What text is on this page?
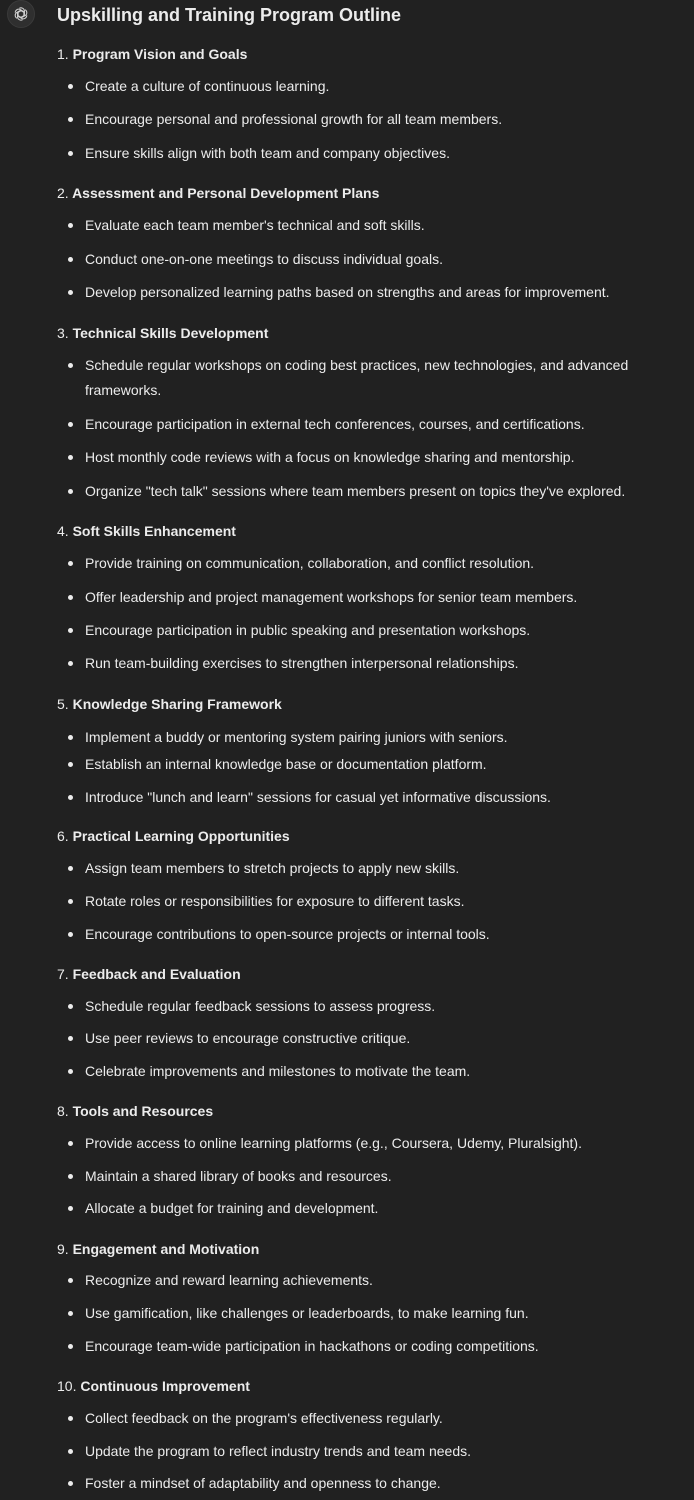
Upskilling and Training Program Outline
1. Program Vision and Goals
Create a culture of continuous learning.
Encourage personal and professional growth for all team members.
Ensure skills align with both team and company objectives.
2. Assessment and Personal Development Plans
Evaluate each team member's technical and soft skills.
Conduct one-on-one meetings to discuss individual goals.
Develop personalized learning paths based on strengths and areas for improvement.
3. Technical Skills Development
Schedule regular workshops on coding best practices, new technologies, and advanced frameworks.
Encourage participation in external tech conferences, courses, and certifications.
Host monthly code reviews with a focus on knowledge sharing and mentorship.
Organize "tech talk" sessions where team members present on topics they've explored.
4. Soft Skills Enhancement
Provide training on communication, collaboration, and conflict resolution.
Offer leadership and project management workshops for senior team members.
Encourage participation in public speaking and presentation workshops.
Run team-building exercises to strengthen interpersonal relationships.
5. Knowledge Sharing Framework
Implement a buddy or mentoring system pairing juniors with seniors.
Establish an internal knowledge base or documentation platform.
Introduce "lunch and learn" sessions for casual yet informative discussions.
6. Practical Learning Opportunities
Assign team members to stretch projects to apply new skills.
Rotate roles or responsibilities for exposure to different tasks.
Encourage contributions to open-source projects or internal tools.
7. Feedback and Evaluation
Schedule regular feedback sessions to assess progress.
Use peer reviews to encourage constructive critique.
Celebrate improvements and milestones to motivate the team.
8. Tools and Resources
Provide access to online learning platforms (e.g., Coursera, Udemy, Pluralsight).
Maintain a shared library of books and resources.
Allocate a budget for training and development.
9. Engagement and Motivation
Recognize and reward learning achievements.
Use gamification, like challenges or leaderboards, to make learning fun.
Encourage team-wide participation in hackathons or coding competitions.
10. Continuous Improvement
Collect feedback on the program's effectiveness regularly.
Update the program to reflect industry trends and team needs.
Foster a mindset of adaptability and openness to change.
